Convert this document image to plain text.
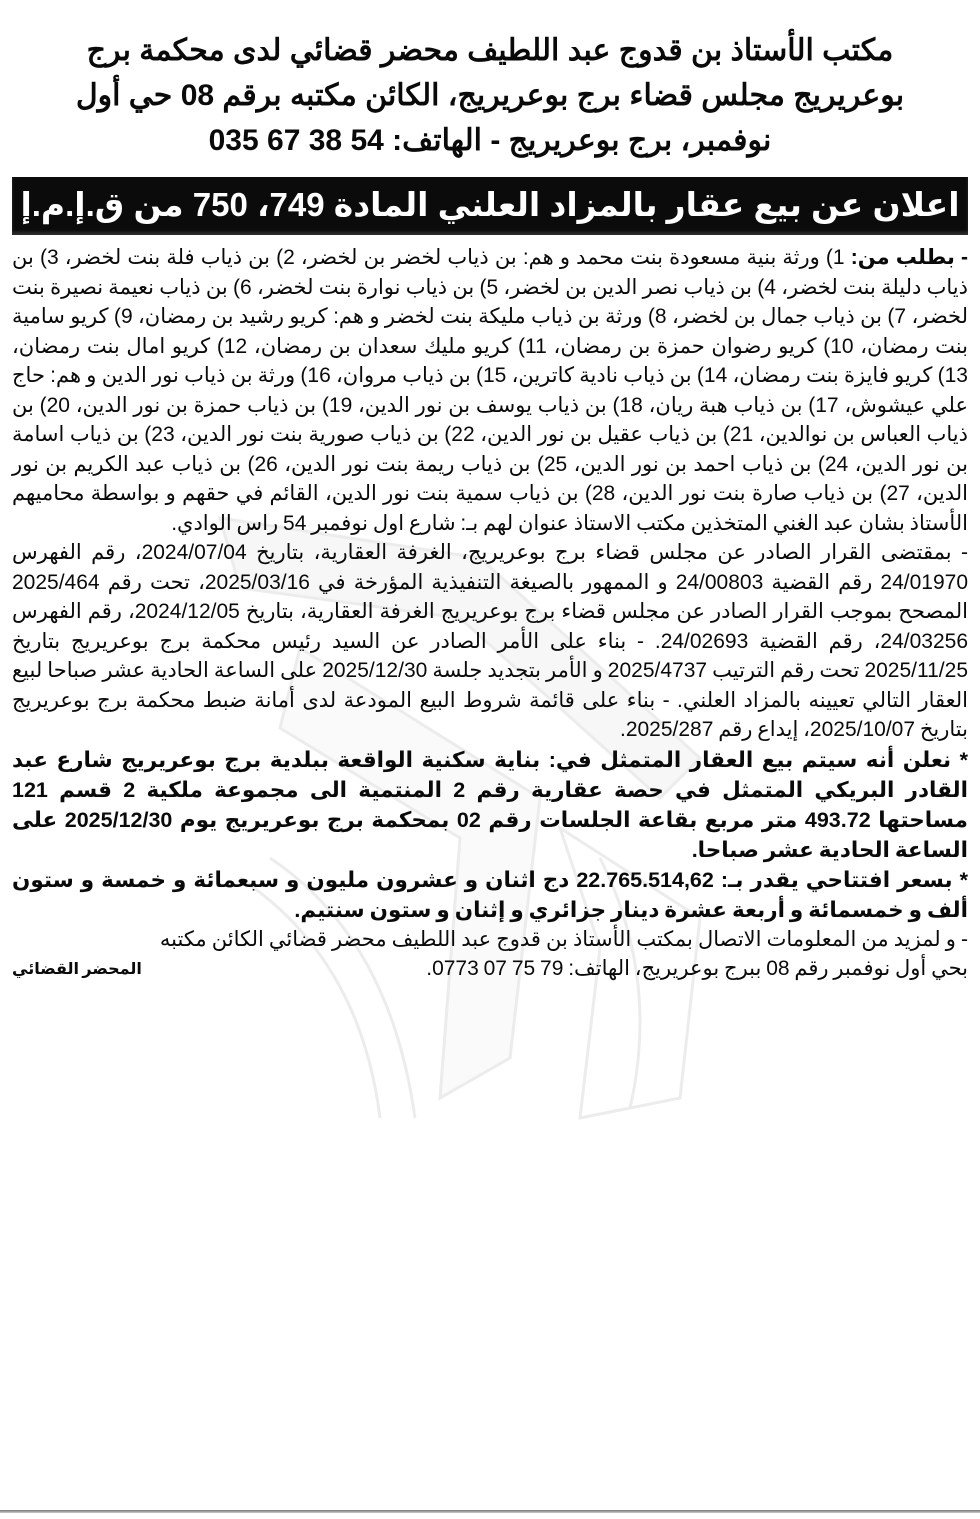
مكتب الأستاذ بن قدوج عبد اللطيف محضر قضائي لدى محكمة برج
بوعريريج مجلس قضاء برج بوعريريج، الكائن مكتبه برقم 08 حي أول
نوفمبر، برج بوعريريج - الهاتف: 54 38 67 035
اعلان عن بيع عقار بالمزاد العلني المادة 749، 750 من ق.إ.م.إ

- بطلب من: 1) ورثة بنية مسعودة بنت محمد و هم: بن ذياب لخضر بن لخضر، 2) بن ذياب فلة بنت لخضر، 3) بن ذياب دليلة بنت لخضر، 4) بن ذياب نصر الدين بن لخضر، 5) بن ذياب نوارة بنت لخضر، 6) بن ذياب نعيمة نصيرة بنت لخضر، 7) بن ذياب جمال بن لخضر، 8) ورثة بن ذياب مليكة بنت لخضر و هم: كريو رشيد بن رمضان، 9) كريو سامية بنت رمضان، 10) كريو رضوان حمزة بن رمضان، 11) كريو مليك سعدان بن رمضان، 12) كريو امال بنت رمضان، 13) كريو فايزة بنت رمضان، 14) بن ذياب نادية كاترين، 15) بن ذياب مروان، 16) ورثة بن ذياب نور الدين و هم: حاج علي عيشوش، 17) بن ذياب هبة ريان، 18) بن ذياب يوسف بن نور الدين، 19) بن ذياب حمزة بن نور الدين، 20) بن ذياب العباس بن نوالدين، 21) بن ذياب عقيل بن نور الدين، 22) بن ذياب صورية بنت نور الدين، 23) بن ذياب اسامة بن نور الدين، 24) بن ذياب احمد بن نور الدين، 25) بن ذياب ريمة بنت نور الدين، 26) بن ذياب عبد الكريم بن نور الدين، 27) بن ذياب صارة بنت نور الدين، 28) بن ذياب سمية بنت نور الدين، القائم في حقهم و بواسطة محاميهم الأستاذ بشان عبد الغني المتخذين مكتب الاستاذ عنوان لهم بـ: شارع اول نوفمبر 54 راس الوادي.

- بمقتضى القرار الصادر عن مجلس قضاء برج بوعريريج، الغرفة العقارية، بتاريخ 2024/07/04، رقم الفهرس 24/01970 رقم القضية 24/00803 و الممهور بالصيغة التنفيذية المؤرخة في 2025/03/16، تحت رقم 2025/464 المصحح بموجب القرار الصادر عن مجلس قضاء برج بوعريريج الغرفة العقارية، بتاريخ 2024/12/05، رقم الفهرس 24/03256، رقم القضية 24/02693. - بناء على الأمر الصادر عن السيد رئيس محكمة برج بوعريريج بتاريخ 2025/11/25 تحت رقم الترتيب 2025/4737 و الأمر بتجديد جلسة 2025/12/30 على الساعة الحادية عشر صباحا لبيع العقار التالي تعيينه بالمزاد العلني. - بناء على قائمة شروط البيع المودعة لدى أمانة ضبط محكمة برج بوعريريج بتاريخ 2025/10/07، إيداع رقم 2025/287.

* نعلن أنه سيتم بيع العقار المتمثل في: بناية سكنية الواقعة ببلدية برج بوعريريج شارع عبد القادر البريكي المتمثل في حصة عقارية رقم 2 المنتمية الى مجموعة ملكية 2 قسم 121 مساحتها 493.72 متر مربع بقاعة الجلسات رقم 02 بمحكمة برج بوعريريج يوم 2025/12/30 على الساعة الحادية عشر صباحا.

* بسعر افتتاحي يقدر بـ: 22.765.514,62 دج اثنان و عشرون مليون و سبعمائة و خمسة و ستون ألف و خمسمائة و أربعة عشرة دينار جزائري و إثنان و ستون سنتيم.

المحضر القضائي
- و لمزيد من المعلومات الاتصال بمكتب الأستاذ بن قدوج عبد اللطيف محضر قضائي الكائن مكتبه بحي أول نوفمبر رقم 08 ببرج بوعريريج، الهاتف: 79 75 07 0773.
